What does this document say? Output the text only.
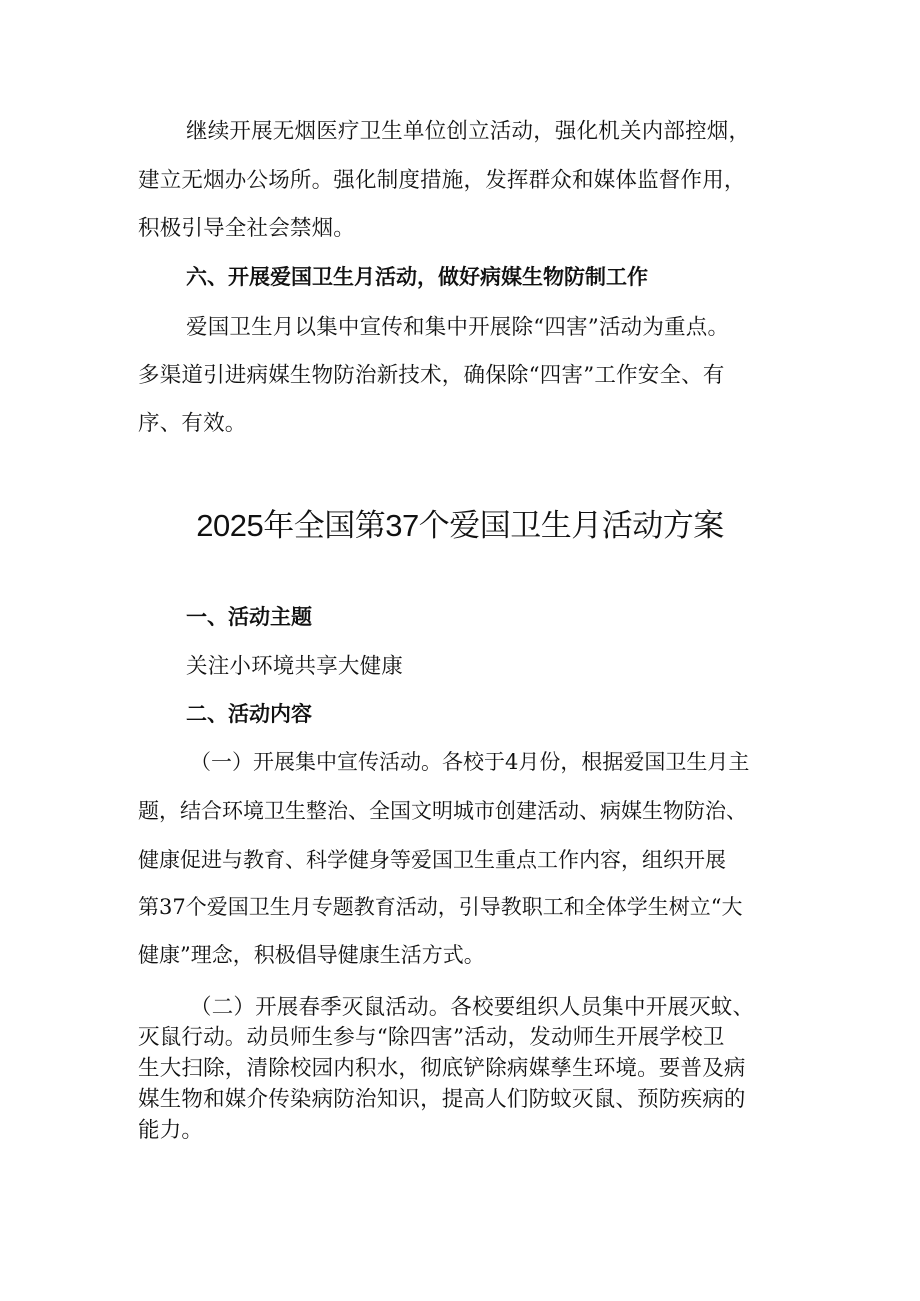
继续开展无烟医疗卫生单位创立活动，强化机关内部控烟，
建立无烟办公场所。强化制度措施，发挥群众和媒体监督作用，
积极引导全社会禁烟。
六、开展爱国卫生月活动，做好病媒生物防制工作
爱国卫生月以集中宣传和集中开展除“四害”活动为重点。
多渠道引进病媒生物防治新技术，确保除“四害”工作安全、有
序、有效。
2025年全国第37个爱国卫生月活动方案
一、活动主题
关注小环境共享大健康
二、活动内容
（一）开展集中宣传活动。各校于4月份，根据爱国卫生月主
题，结合环境卫生整治、全国文明城市创建活动、病媒生物防治、
健康促进与教育、科学健身等爱国卫生重点工作内容，组织开展
第37个爱国卫生月专题教育活动，引导教职工和全体学生树立“大
健康”理念，积极倡导健康生活方式。
（二）开展春季灭鼠活动。各校要组织人员集中开展灭蚊、
灭鼠行动。动员师生参与“除四害”活动，发动师生开展学校卫
生大扫除，清除校园内积水，彻底铲除病媒孳生环境。要普及病
媒生物和媒介传染病防治知识，提高人们防蚊灭鼠、预防疾病的
能力。
